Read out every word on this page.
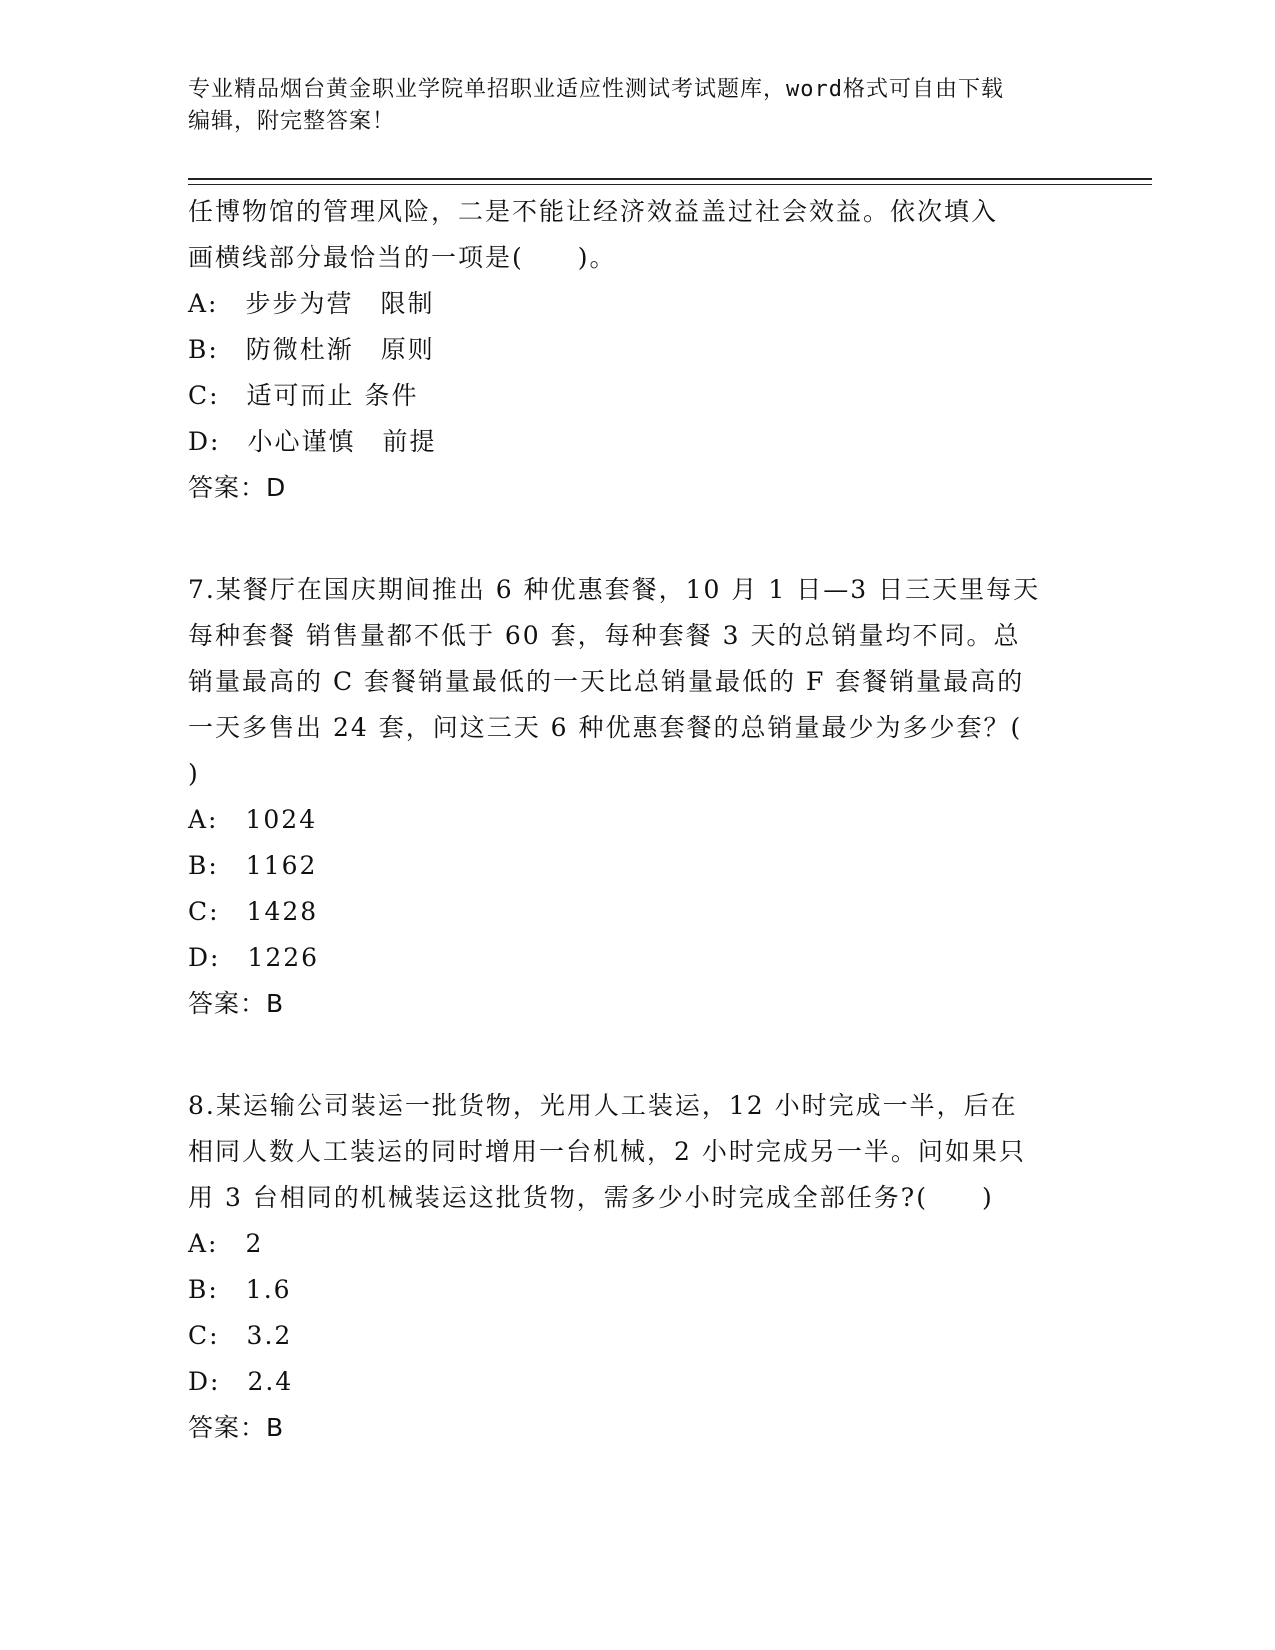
专业精品烟台黄金职业学院单招职业适应性测试考试题库，word格式可自由下载
编辑，附完整答案！
任博物馆的管理风险，二是不能让经济效益盖过社会效益。依次填入
画横线部分最恰当的一项是(　　)。
A:　步步为营　限制
B:　防微杜渐　原则
C:　适可而止 条件
D:　小心谨慎　前提
答案：D
7.某餐厅在国庆期间推出 6 种优惠套餐，10 月 1 日—3 日三天里每天
每种套餐 销售量都不低于 60 套，每种套餐 3 天的总销量均不同。总
销量最高的 C 套餐销量最低的一天比总销量最低的 F 套餐销量最高的
一天多售出 24 套，问这三天 6 种优惠套餐的总销量最少为多少套？(
)
A:　1024
B:　1162
C:　1428
D:　1226
答案：B
8.某运输公司装运一批货物，光用人工装运，12 小时完成一半，后在
相同人数人工装运的同时增用一台机械，2 小时完成另一半。问如果只
用 3 台相同的机械装运这批货物，需多少小时完成全部任务?(　　)
A:　2
B:　1.6
C:　3.2
D:　2.4
答案：B
